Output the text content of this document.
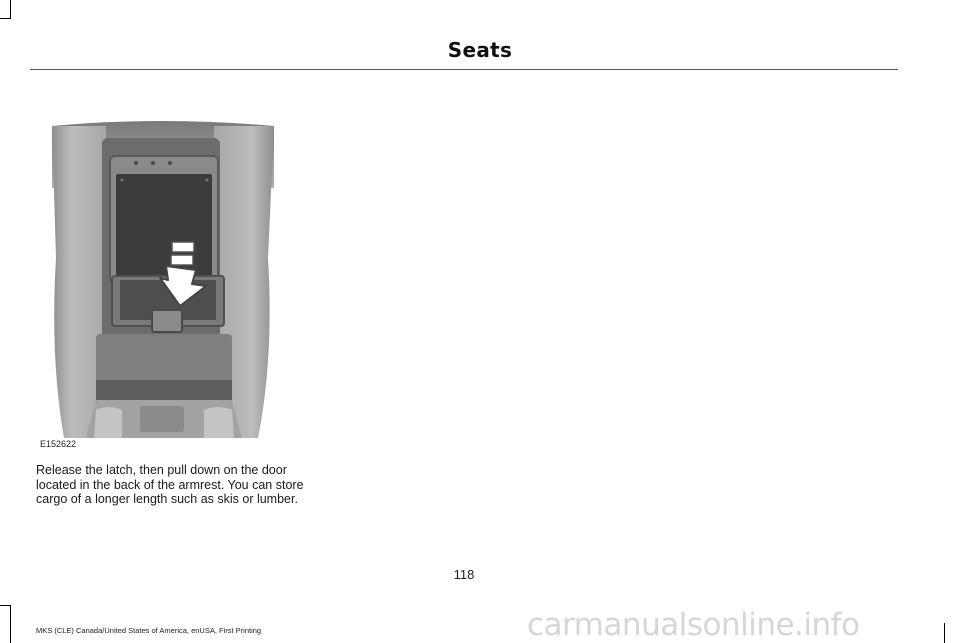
Seats
E152622
Release the latch, then pull down on the door located in the back of the armrest. You can store cargo of a longer length such as skis or lumber.
118
MKS (CLE) Canada/United States of America, enUSA, First Printing	carmanualsonline.info
